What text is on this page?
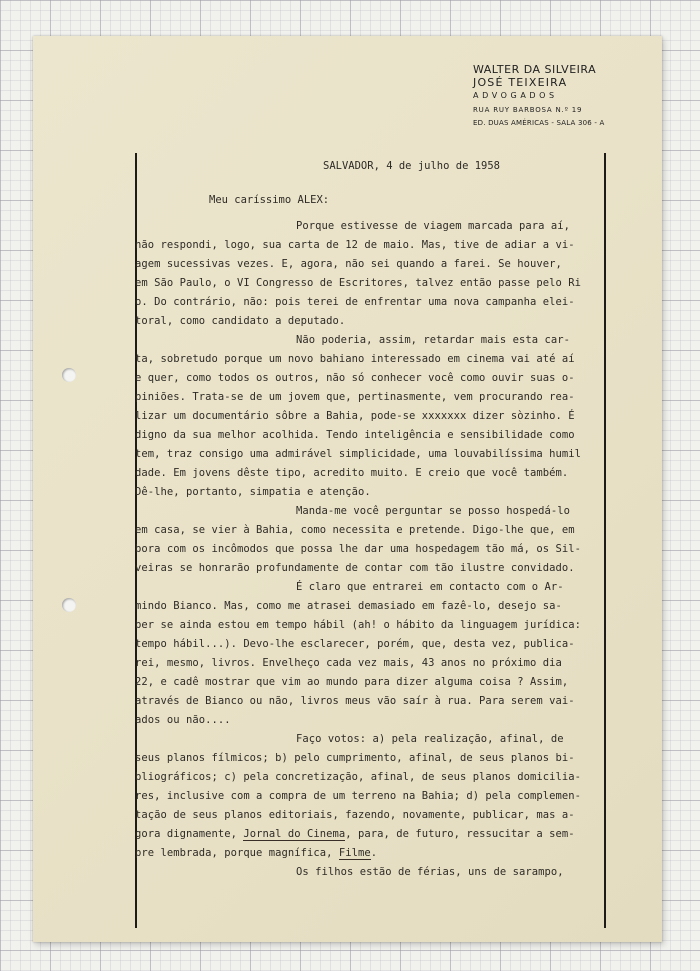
WALTER DA SILVEIRA
JOSÉ TEIXEIRA
ADVOGADOS
RUA RUY BARBOSA N.º 19
ED. DUAS AMÉRICAS - SALA 306 - A
SALVADOR, 4 de julho de 1958
Meu caríssimo ALEX:
Porque estivesse de viagem marcada para aí,
não respondi, logo, sua carta de 12 de maio. Mas, tive de adiar a vi-
agem sucessivas vezes. E, agora, não sei quando a farei. Se houver,
em São Paulo, o VI Congresso de Escritores, talvez então passe pelo Ri
o. Do contrário, não: pois terei de enfrentar uma nova campanha elei-
toral, como candidato a deputado.
Não poderia, assim, retardar mais esta car-
ta, sobretudo porque um novo bahiano interessado em cinema vai até aí
e quer, como todos os outros, não só conhecer você como ouvir suas o-
piniões. Trata-se de um jovem que, pertinasmente, vem procurando rea-
lizar um documentário sôbre a Bahia, pode-se xxxxxxx dizer sòzinho. É
digno da sua melhor acolhida. Tendo inteligência e sensibilidade como
tem, traz consigo uma admirável simplicidade, uma louvabilíssima humil
dade. Em jovens dêste tipo, acredito muito. E creio que você também.
Dê-lhe, portanto, simpatia e atenção.
Manda-me você perguntar se posso hospedá-lo
em casa, se vier à Bahia, como necessita e pretende. Digo-lhe que, em
bora com os incômodos que possa lhe dar uma hospedagem tão má, os Sil-
veiras se honrarão profundamente de contar com tão ilustre convidado.
É claro que entrarei em contacto com o Ar-
mindo Bianco. Mas, como me atrasei demasiado em fazê-lo, desejo sa-
ber se ainda estou em tempo hábil (ah! o hábito da linguagem jurídica:
tempo hábil...). Devo-lhe esclarecer, porém, que, desta vez, publica-
rei, mesmo, livros. Envelheço cada vez mais, 43 anos no próximo dia
22, e cadê mostrar que vim ao mundo para dizer alguma coisa ? Assim,
através de Bianco ou não, livros meus vão saír à rua. Para serem vai-
ados ou não....
Faço votos: a) pela realização, afinal, de
seus planos fílmicos; b) pelo cumprimento, afinal, de seus planos bi-
bliográficos; c) pela concretização, afinal, de seus planos domicilia-
res, inclusive com a compra de um terreno na Bahia; d) pela complemen-
tação de seus planos editoriais, fazendo, novamente, publicar, mas a-
gora dignamente, Jornal do Cinema, para, de futuro, ressucitar a sem-
pre lembrada, porque magnífica, Filme.
Os filhos estão de férias, uns de sarampo,
